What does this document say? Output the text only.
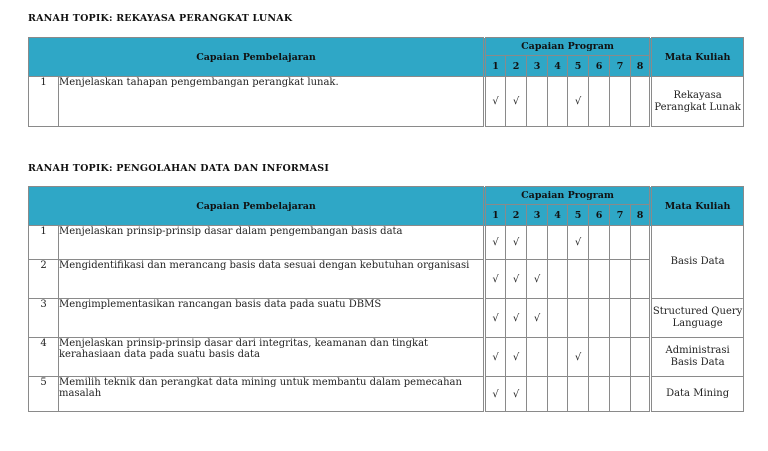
RANAH TOPIK: REKAYASA PERANGKAT LUNAK
Capaian Pembelajaran		Capaian Program								Mata Kuliah
		1	2	3	4	5	6	7	8	
1	Menjelaskan tahapan pengembangan perangkat lunak.	√	√			√				Rekayasa Perangkat Lunak
RANAH TOPIK: PENGOLAHAN DATA DAN INFORMASI
Capaian Pembelajaran		Capaian Program								Mata Kuliah
		1	2	3	4	5	6	7	8	
1	Menjelaskan prinsip-prinsip dasar dalam pengembangan basis data	√	√			√				Basis Data
2	Mengidentifikasi dan merancang basis data sesuai dengan kebutuhan organisasi	√	√	√						
3	Mengimplementasikan rancangan basis data pada suatu DBMS	√	√	√						Structured Query Language
4	Menjelaskan prinsip-prinsip dasar dari integritas, keamanan dan tingkat kerahasiaan data pada suatu basis data	√	√			√				Administrasi Basis Data
5	Memilih teknik dan perangkat data mining untuk membantu dalam pemecahan masalah	√	√							Data Mining
